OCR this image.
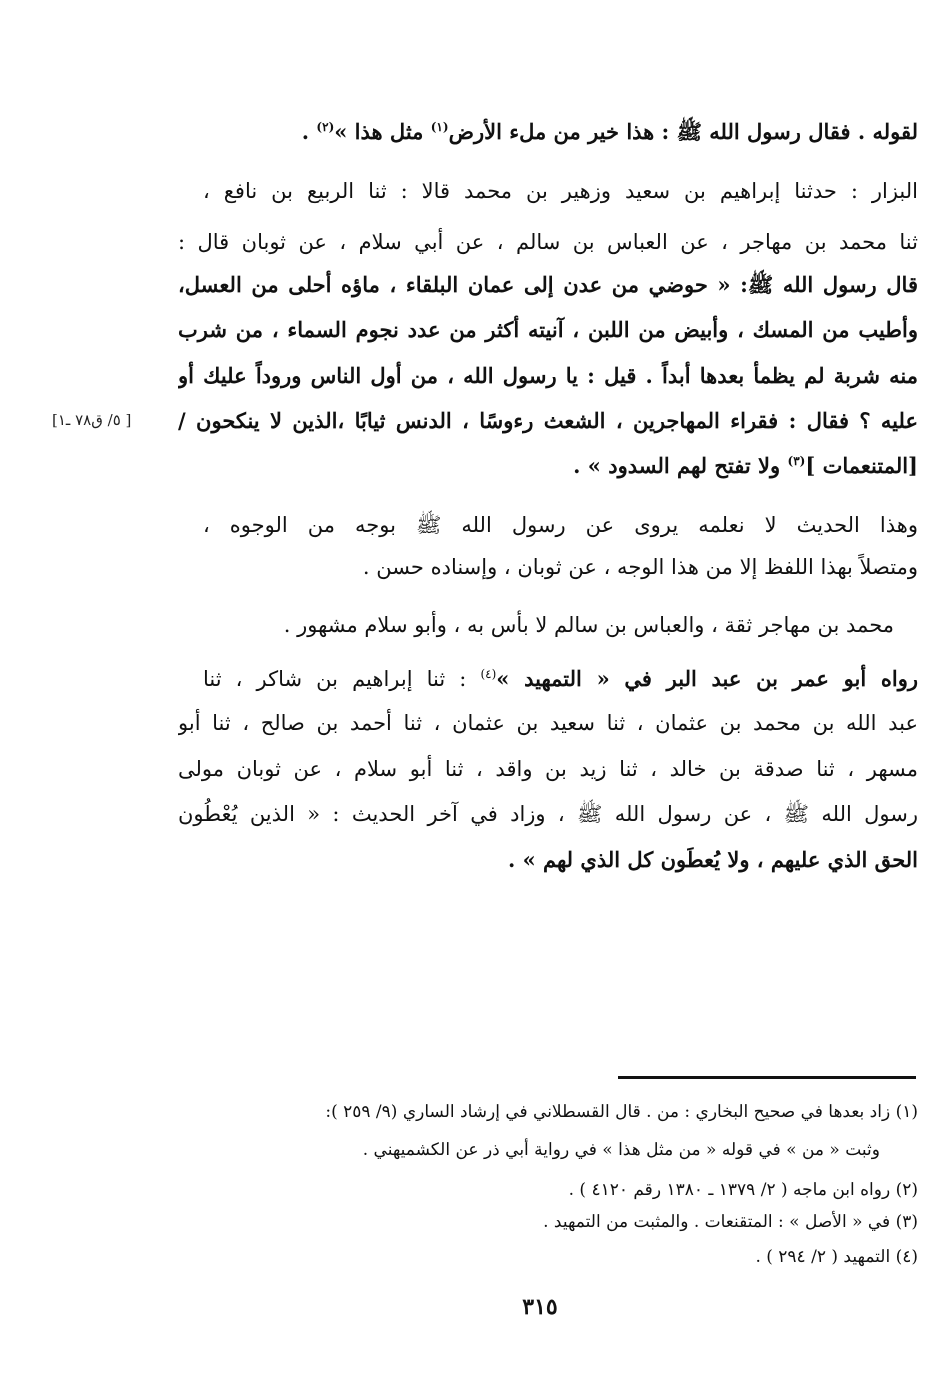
لقوله . فقال رسول الله ﷺ : هذا خير من ملء الأرض$^{(١)}$ مثل هذا »$^{(٢)}$ .
البزار : حدثنا إبراهيم بن سعيد وزهير بن محمد قالا : ثنا الربيع بن نافع ،
ثنا محمد بن مهاجر ، عن العباس بن سالم ، عن أبي سلام ، عن ثوبان قال :
قال رسول الله ﷺ: « حوضي من عدن إلى عمان البلقاء ، ماؤه أحلى من العسل،
وأطيب من المسك ، وأبيض من اللبن ، آنيته أكثر من عدد نجوم السماء ، من شرب
منه شربة لم يظمأ بعدها أبداً . قيل : يا رسول الله ، من أول الناس وروداً عليك أو
عليه ؟ فقال : فقراء المهاجرين ، الشعث رءوسًا ، الدنس ثيابًا ،الذين لا ينكحون /
[المتنعمات ]$^{(٣)}$ ولا تفتح لهم السدود » .
وهذا الحديث لا نعلمه يروى عن رسول الله ﷺ بوجه من الوجوه ،
ومتصلاً بهذا اللفظ إلا من هذا الوجه ، عن ثوبان ، وإسناده حسن .
محمد بن مهاجر ثقة ، والعباس بن سالم لا بأس به ، وأبو سلام مشهور .
رواه أبو عمر بن عبد البر في « التمهيد »$^{(٤)}$ : ثنا إبراهيم بن شاكر ، ثنا
عبد الله بن محمد بن عثمان ، ثنا سعيد بن عثمان ، ثنا أحمد بن صالح ، ثنا أبو
مسهر ، ثنا صدقة بن خالد ، ثنا زيد بن واقد ، ثنا أبو سلام ، عن ثوبان مولى
رسول الله ﷺ ، عن رسول الله ﷺ ، وزاد في آخر الحديث : « الذين يُعْطُون
الحق الذي عليهم ، ولا يُعطَون كل الذي لهم » .
[ ٥/ ق٧٨ ـ١]
(١) زاد بعدها في صحيح البخاري : من . قال القسطلاني في إرشاد الساري (٩/ ٢٥٩ ):
وثبت « من » في قوله « من مثل هذا » في رواية أبي ذر عن الكشميهني .
(٢) رواه ابن ماجه ( ٢/ ١٣٧٩ ـ ١٣٨٠ رقم ٤١٢٠ ) .
(٣) في « الأصل » : المتقنعات . والمثبت من التمهيد .
(٤) التمهيد ( ٢/ ٢٩٤ ) .
٣١٥
